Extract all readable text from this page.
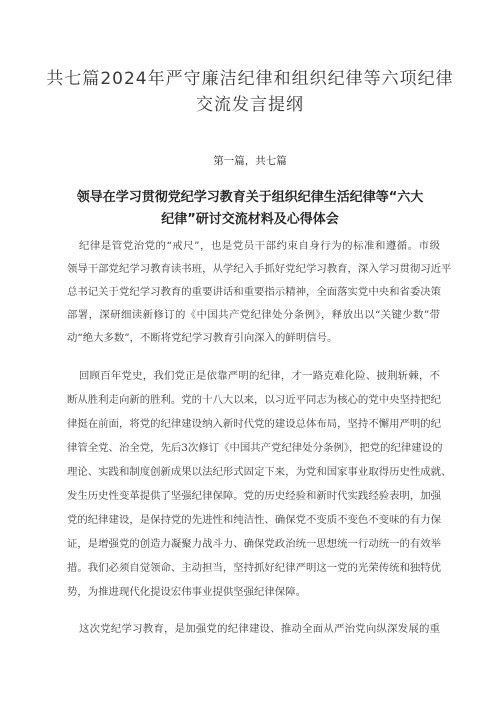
共七篇2024年严守廉洁纪律和组织纪律等六项纪律
交流发言提纲
第一篇，共七篇
领导在学习贯彻党纪学习教育关于组织纪律生活纪律等“六大
纪律”研讨交流材料及心得体会
纪律是管党治党的“戒尺”，也是党员干部约束自身行为的标准和遵循。市级
领导干部党纪学习教育读书班，从学纪入手抓好党纪学习教育，深入学习贯彻习近平
总书记关于党纪学习教育的重要讲话和重要指示精神，全面落实党中央和省委决策
部署，深研细读新修订的《中国共产党纪律处分条例》，释放出以“关键少数”带
动“绝大多数”，不断将党纪学习教育引向深入的鲜明信号。
回顾百年党史，我们党正是依靠严明的纪律，才一路克难化险、披荆斩棘，不
断从胜利走向新的胜利。党的十八大以来，以习近平同志为核心的党中央坚持把纪
律挺在前面，将党的纪律建设纳入新时代党的建设总体布局，坚持不懈用严明的纪
律管全党、治全党，先后3次修订《中国共产党纪律处分条例》，把党的纪律建设的
理论、实践和制度创新成果以法纪形式固定下来，为党和国家事业取得历史性成就、
发生历史性变革提供了坚强纪律保障。党的历史经验和新时代实践经验表明，加强
党的纪律建设，是保持党的先进性和纯洁性、确保党不变质不变色不变味的有力保
证，是增强党的创造力凝聚力战斗力、确保党政治统一思想统一行动统一的有效举
措。我们必须自觉领命、主动担当，坚持抓好纪律严明这一党的光荣传统和独特优
势，为推进现代化提设宏伟事业提供坚强纪律保障。
这次党纪学习教育，是加强党的纪律建设、推动全面从严治党向纵深发展的重
